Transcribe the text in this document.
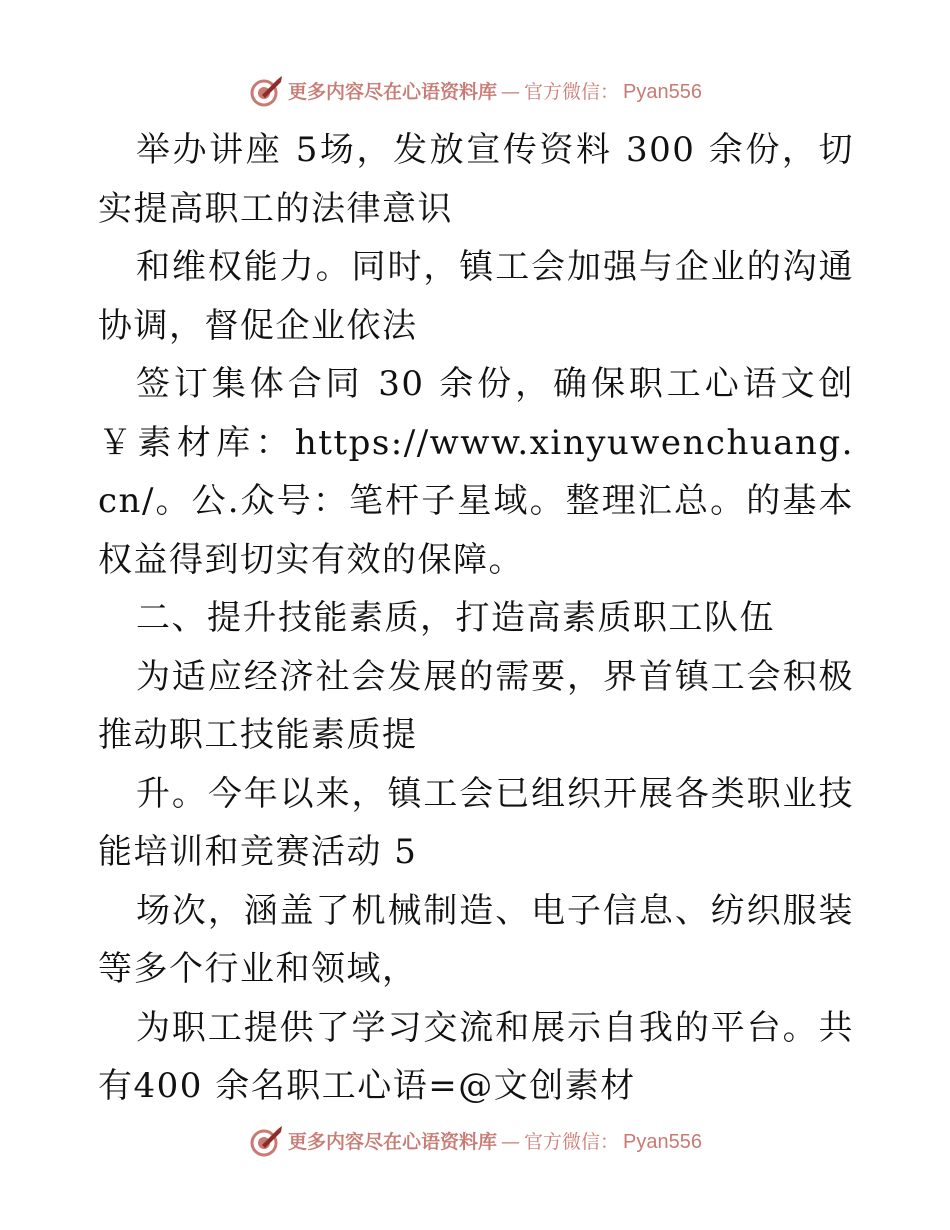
更多内容尽在心语资料库 — 官方微信： Pyan556

举办讲座 5场，发放宣传资料 300 余份，切实提高职工的法律意识

和维权能力。同时，镇工会加强与企业的沟通协调，督促企业依法

签订集体合同 30 余份，确保职工心语文创￥素材库：https://www.xinyuwenchuang.cn/。公.众号：笔杆子星域。整理汇总。的基本权益得到切实有效的保障。

二、提升技能素质，打造高素质职工队伍

为适应经济社会发展的需要，界首镇工会积极推动职工技能素质提

升。今年以来，镇工会已组织开展各类职业技能培训和竞赛活动 5

场次，涵盖了机械制造、电子信息、纺织服装等多个行业和领域，

为职工提供了学习交流和展示自我的平台。共有400 余名职工心语=@文创素材

更多内容尽在心语资料库 — 官方微信： Pyan556
